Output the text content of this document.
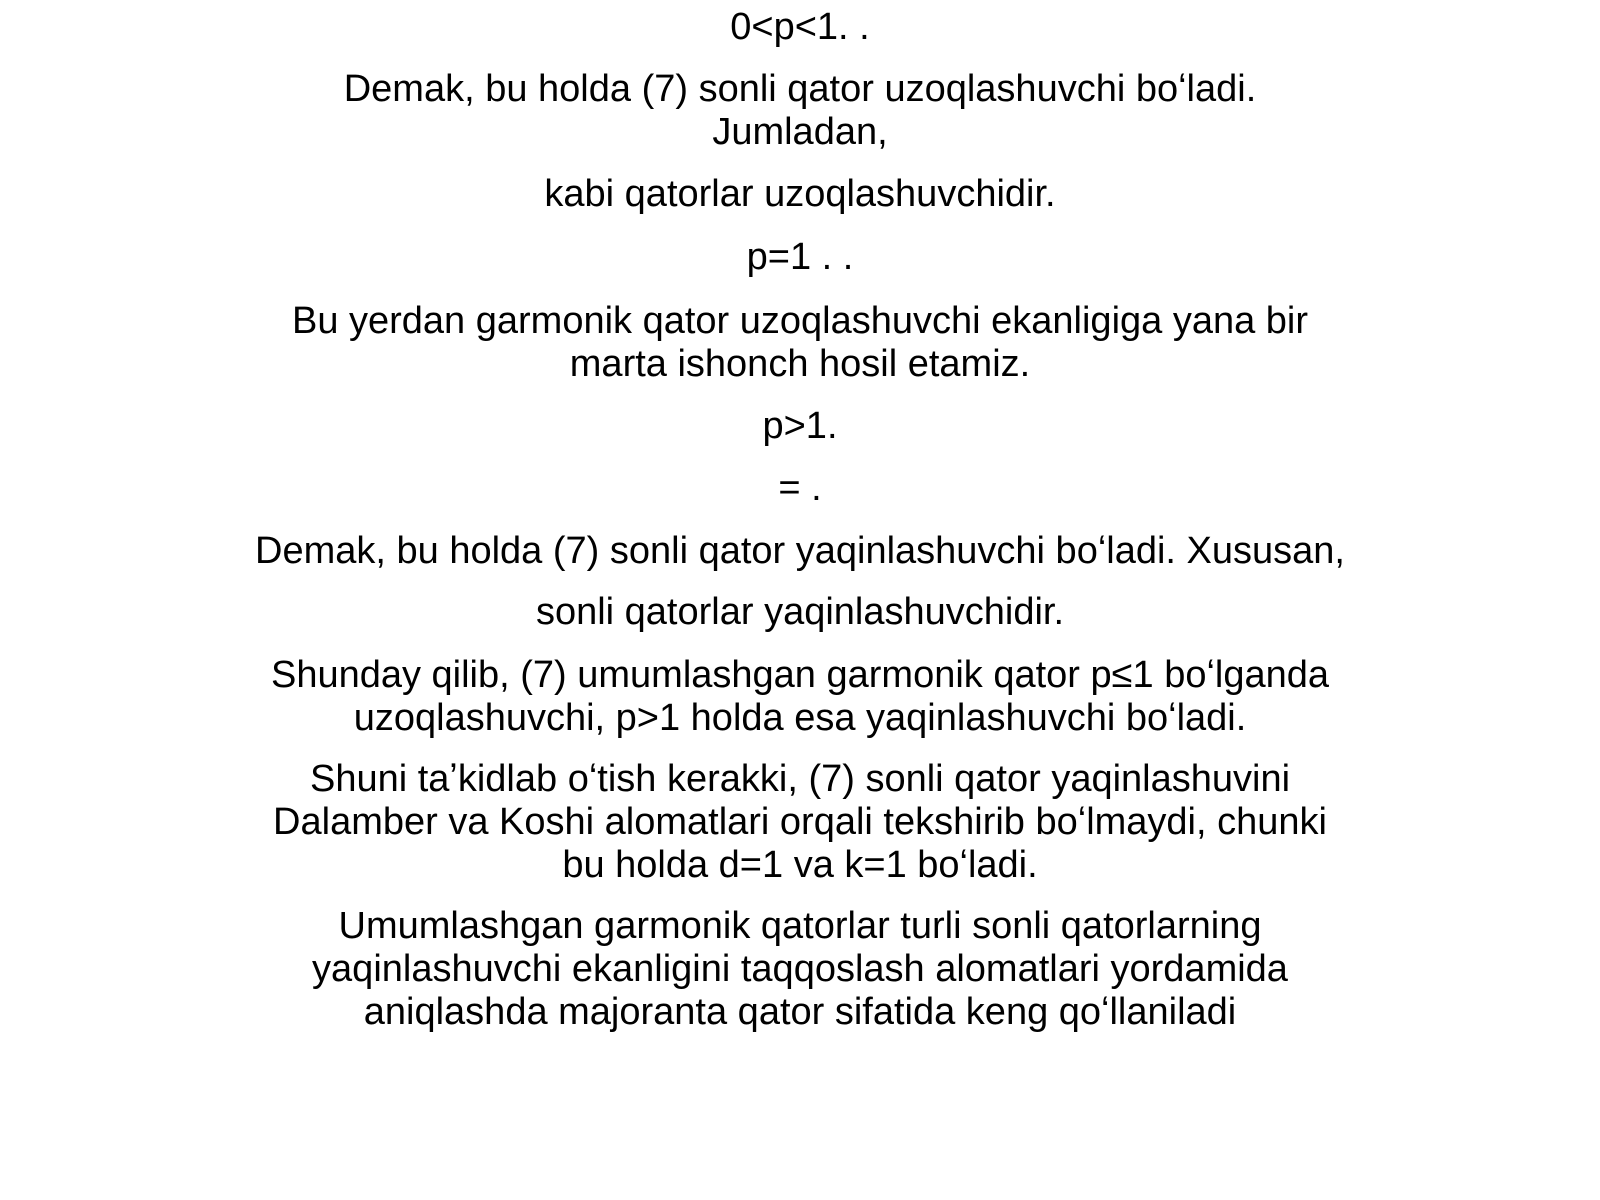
0<p<1. .

Demak, bu holda (7) sonli qator uzoqlashuvchi boʻladi.
Jumladan,

kabi qatorlar uzoqlashuvchidir.

p=1 . .

Bu yerdan garmonik qator uzoqlashuvchi ekanligiga yana bir
marta ishonch hosil etamiz.

p>1.

= .

Demak, bu holda (7) sonli qator yaqinlashuvchi boʻladi. Xususan,

sonli qatorlar yaqinlashuvchidir.

Shunday qilib, (7) umumlashgan garmonik qator p≤1 boʻlganda
uzoqlashuvchi, p>1 holda esa yaqinlashuvchi boʻladi.

Shuni taʼkidlab oʻtish kerakki, (7) sonli qator yaqinlashuvini
Dalamber va Koshi alomatlari orqali tekshirib boʻlmaydi, chunki
bu holda d=1 va k=1 boʻladi.

Umumlashgan garmonik qatorlar turli sonli qatorlarning
yaqinlashuvchi ekanligini taqqoslash alomatlari yordamida
aniqlashda majoranta qator sifatida keng qoʻllaniladi
